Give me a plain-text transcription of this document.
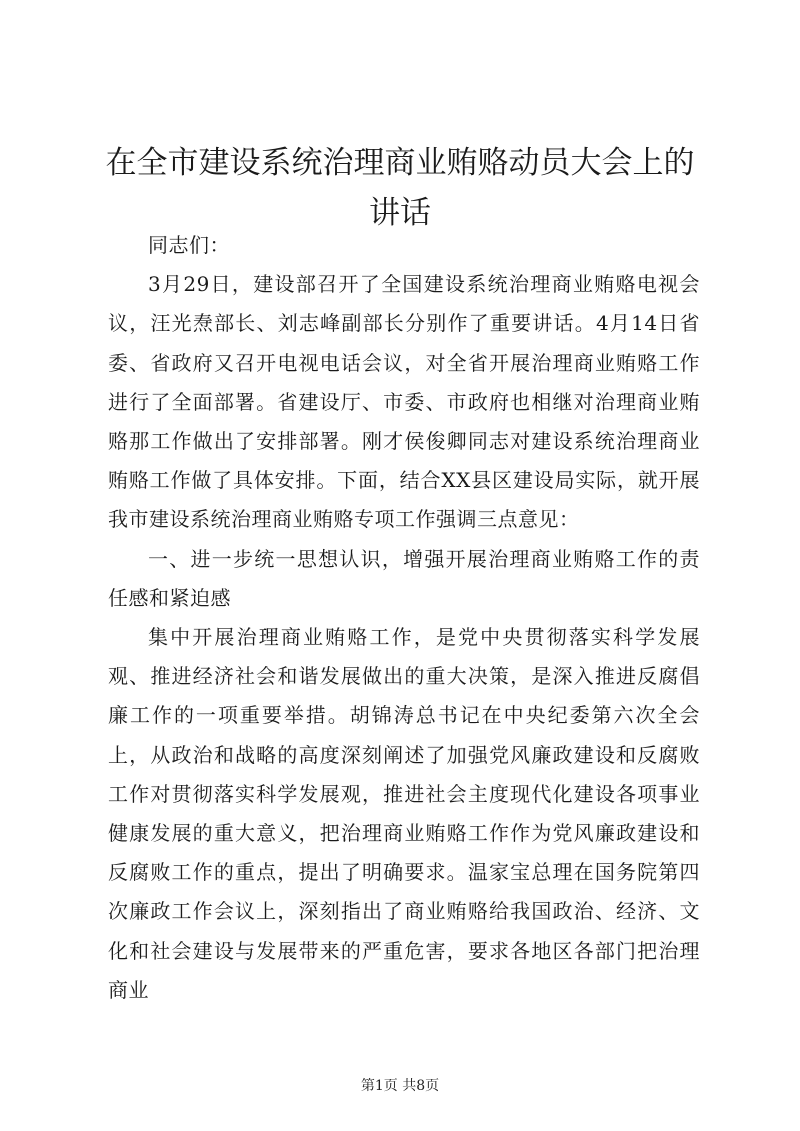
在全市建设系统治理商业贿赂动员大会上的讲话

同志们：

3月29日，建设部召开了全国建设系统治理商业贿赂电视会议，汪光焘部长、刘志峰副部长分别作了重要讲话。4月14日省委、省政府又召开电视电话会议，对全省开展治理商业贿赂工作进行了全面部署。省建设厅、市委、市政府也相继对治理商业贿赂那工作做出了安排部署。刚才侯俊卿同志对建设系统治理商业贿赂工作做了具体安排。下面，结合XX县区建设局实际，就开展我市建设系统治理商业贿赂专项工作强调三点意见：

一、进一步统一思想认识，增强开展治理商业贿赂工作的责任感和紧迫感

集中开展治理商业贿赂工作，是党中央贯彻落实科学发展观、推进经济社会和谐发展做出的重大决策，是深入推进反腐倡廉工作的一项重要举措。胡锦涛总书记在中央纪委第六次全会上，从政治和战略的高度深刻阐述了加强党风廉政建设和反腐败工作对贯彻落实科学发展观，推进社会主度现代化建设各项事业健康发展的重大意义，把治理商业贿赂工作作为党风廉政建设和反腐败工作的重点，提出了明确要求。温家宝总理在国务院第四次廉政工作会议上，深刻指出了商业贿赂给我国政治、经济、文化和社会建设与发展带来的严重危害，要求各地区各部门把治理商业

第1页 共8页
